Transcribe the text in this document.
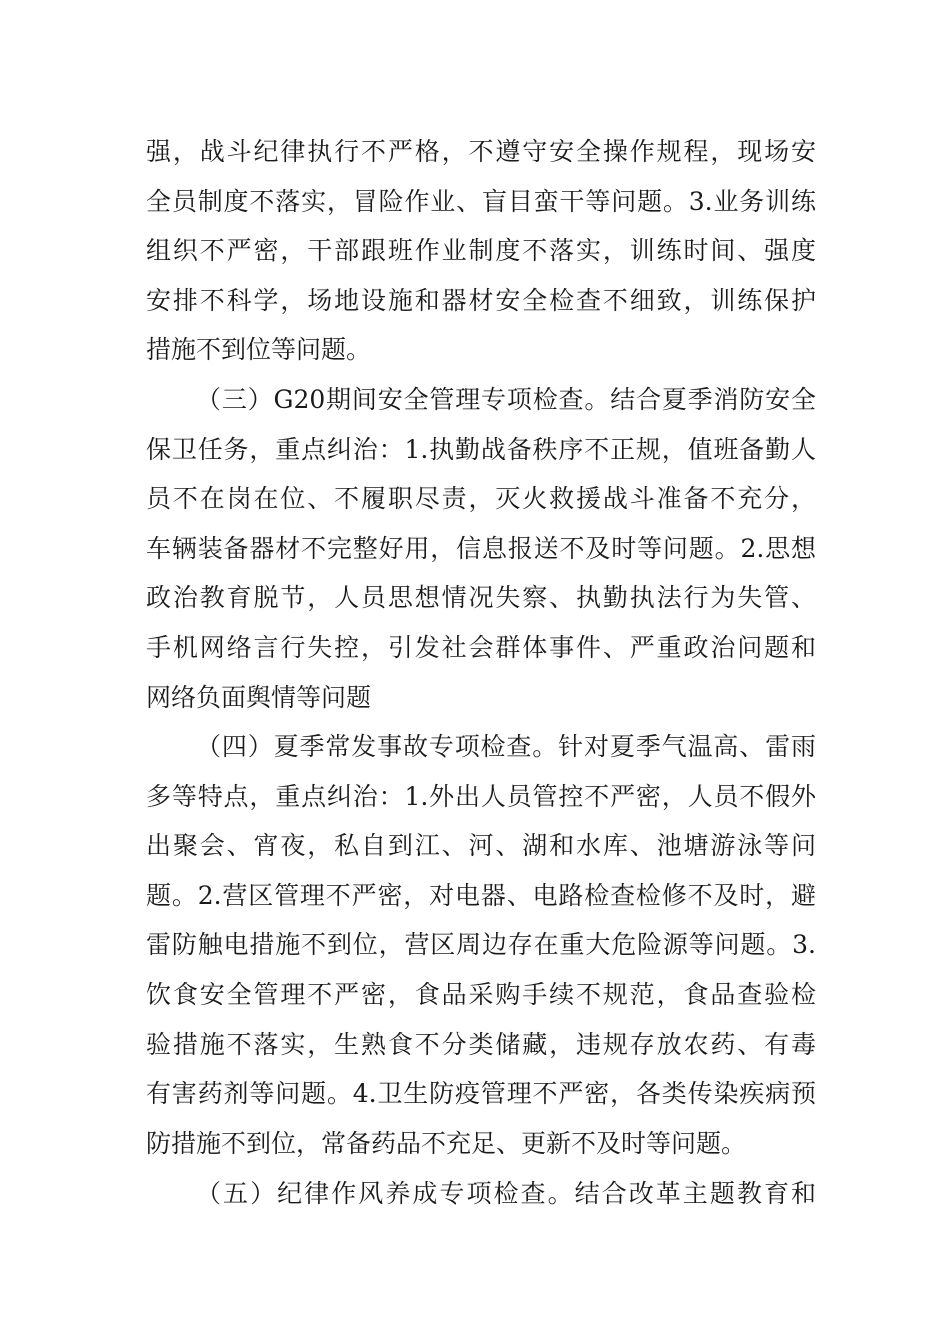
强，战斗纪律执行不严格，不遵守安全操作规程，现场安
全员制度不落实，冒险作业、盲目蛮干等问题。3.业务训练
组织不严密，干部跟班作业制度不落实，训练时间、强度
安排不科学，场地设施和器材安全检查不细致，训练保护
措施不到位等问题。
（三）G20期间安全管理专项检查。结合夏季消防安全
保卫任务，重点纠治：1.执勤战备秩序不正规，值班备勤人
员不在岗在位、不履职尽责，灭火救援战斗准备不充分，
车辆装备器材不完整好用，信息报送不及时等问题。2.思想
政治教育脱节，人员思想情况失察、执勤执法行为失管、
手机网络言行失控，引发社会群体事件、严重政治问题和
网络负面舆情等问题
（四）夏季常发事故专项检查。针对夏季气温高、雷雨
多等特点，重点纠治：1.外出人员管控不严密，人员不假外
出聚会、宵夜，私自到江、河、湖和水库、池塘游泳等问
题。2.营区管理不严密，对电器、电路检查检修不及时，避
雷防触电措施不到位，营区周边存在重大危险源等问题。3.
饮食安全管理不严密，食品采购手续不规范，食品查验检
验措施不落实，生熟食不分类储藏，违规存放农药、有毒
有害药剂等问题。4.卫生防疫管理不严密，各类传染疾病预
防措施不到位，常备药品不充足、更新不及时等问题。
（五）纪律作风养成专项检查。结合改革主题教育和
